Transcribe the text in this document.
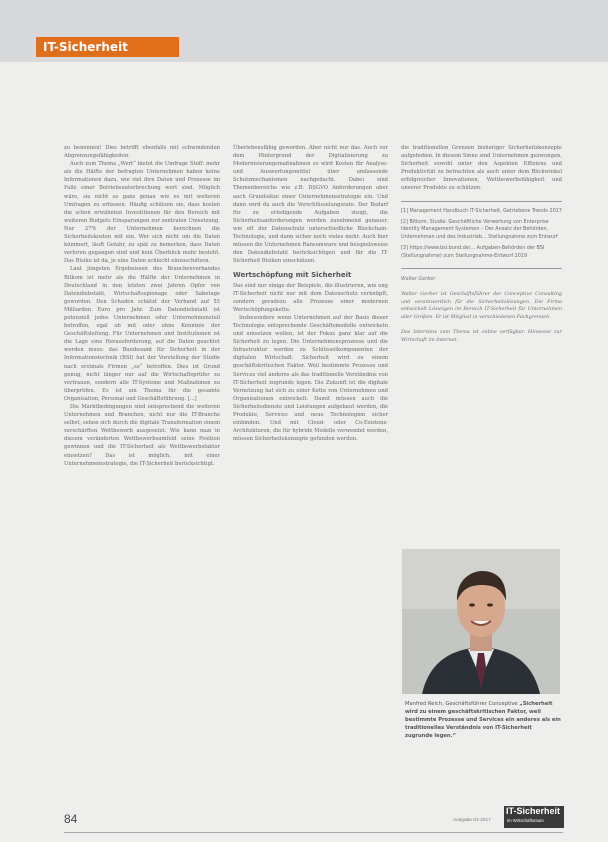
IT-Sicherheit

zu benennen! Dies betrifft ebenfalls mit schwindenden Abgrenzungsfähigkeiten.

Auch zum Thema „Wert“ bietet die Umfrage Stoff: mehr als die Hälfte der befragten Unternehmen haben keine Informationen dazu, wie viel ihre Daten und Prozesse im Falle einer Betriebsunterbrechung wert sind. Möglich wäre, sie nicht so ganz genau wie es mit weiteren Umfragen zu erfassen. Häufig schätzen sie, dass kosten die schon erwähnten Investitionen für den Bereich mit weiteren Budgets Einsparungen zur zentralen Umsetzung. Nur 27% der Unternehmen berechnen die Sicherheitskosten mit ein. Wer sich nicht um die Daten kümmert, läuft Gefahr, zu spät zu bemerken, dass Daten verloren gegangen sind und kein Überblick mehr besteht. Das Risiko ist da, je eine Daten schlecht einzuschätzen.

Laut jüngsten Ergebnissen des Branchenverbandes Bitkom ist mehr als die Hälfte der Unternehmen in Deutschland in den letzten zwei Jahren Opfer von Datendiebstahl, Wirtschaftsspionage oder Sabotage geworden. Den Schaden schätzt der Verband auf 55 Milliarden Euro pro Jahr. Zum Datendiebstahl ist potenziell jedes Unternehmen oder Unternehmensteil betroffen, egal ob mit oder ohne Kenntnis der Geschäftsleitung. Für Unternehmen und Institutionen ist die Lage eine Herausforderung, auf die Daten geachtet werden muss: das Bundesamt für Sicherheit in der Informationstechnik (BSI) hat der Vorstellung der Studie nach erstmals Firmen „so“ betroffen. Dies ist Grund genug, nicht länger nur auf die Wirtschaftsprüfer zu vertrauen, sondern alle IT-Systeme und Maßnahmen zu überprüfen. Es ist ein Thema für die gesamte Organisation, Personal und Geschäftsführung. [...]

Die Marktbedingungen sind entsprechend die weiteren Unternehmen und Branchen, nicht nur die IT-Branche selbst, sehen sich durch die digitale Transformation einem verschärften Wettbewerb ausgesetzt. Wie kann man in diesem veränderten Wettbewerbsumfeld seine Position gewinnen und die IT-Sicherheit als Wettbewerbsfaktor einsetzen? Das ist möglich, mit einer Unternehmensstrategie, die IT-Sicherheit berücksichtigt.

Überlebensfähig geworden. Aber nicht nur das. Auch vor dem Hintergrund der Digitalisierung zu Modernisierungsmaßnahmen so wird Kosten für Analyse- und Auswertungsmittel über umfassende Schutzmechanismen nachgedacht. Dabei sind Themenbereiche wie z.B. DSGVO Anforderungen aber auch Grundsätze einer Unternehmensstrategie ein. Und dann wird da auch die Verschlüsselungsrate. Der Bedarf für zu erledigende Aufgaben steigt, die Sicherheitsanforderungen werden zunehmend genauer, wie oft der Datenschutz unterschiedliche Blockchain-Technologie, und dann sicher noch vieles mehr. Auch hier müssen die Unternehmen Ransomware und beispielsweise den Datendiebstahl berücksichtigen und für die IT-Sicherheit Risiken einschätzen.

Wertschöpfung mit Sicherheit

Das sind nur einige der Beispiele, die illustrieren, wie eng IT-Sicherheit nicht nur mit dem Datenschutz verknüpft, sondern geradezu alle Prozesse einer modernen Wertschöpfungskette.

Insbesondere wenn Unternehmen auf der Basis dieser Technologie entsprechende Geschäftsmodelle entwickeln und umsetzen wollen, ist der Fokus ganz klar auf die Sicherheit zu legen. Die Unternehmensprozesse und die Infrastruktur werden zu Schlüsselkomponenten der digitalen Wirtschaft. Sicherheit wird zu einem geschäftskritischen Faktor. Weil bestimmte Prozesse und Services viel anderes als das traditionelle Verständnis von IT-Sicherheit zugrunde legen. Die Zukunft ist die digitale Vernetzung hat sich zu einer Kette von Unternehmen und Organisationen entwickelt. Damit müssen auch die Sicherheitsdienste und Leistungen aufgebaut werden, die Produkte, Services und neue Technologien sicher einbinden. Und mit Cloud- oder Co-Existenz-Architekturen, die für hybride Modelle verwendet werden, müssen Sicherheitskonzepte gefunden werden.

die traditionellen Grenzen bisheriger Sicherheitskonzepte aufgehoben. In diesem Sinne sind Unternehmen gezwungen, Sicherheit sowohl unter den Aspekten Effizienz und Produktivität zu betrachten als auch unter dem Blickwinkel erfolgreicher Innovationen, Wettbewerbsfähigkeit und unserer Produkte zu schützen.

[1] Management Handbuch IT-Sicherheit, Getriebene Trends 2017

[2] Bitkom, Studie: Geschäftliche Verwertung von Enterprise Identity Management Systemen – Der Ansatz der Behörden, Unternehmen und des Industrieb... Stellungnahme zum Entwurf

[3] https://www.bsi.bund.de/... Aufgaben-Behörden der BSI (Stellungnahme) zum Stellungnahme-Entwurf 2019

Walter Gerber
Walter Gerber ist Geschäftsführer der Conceptive Consulting und verantwortlich für die Sicherheitslösungen. Die Firma entwickelt Lösungen im Bereich IT-Sicherheit für Unternehmen aller Größen. Er ist Mitglied in verschiedenen Fachgremien.
Das Interview zum Thema ist online verfügbar. Hinweise zur Wirtschaft im Internet.
Manfred Reich, Geschäftsführer Conceptive „Sicherheit wird zu einem geschäftskritischen Faktor, weil bestimmte Prozesse und Services ein anderes als ein traditionelles Verständnis von IT-Sicherheit zugrunde legen.“
84	Ausgabe 01-2017
IT-Sicherheit
im Wirtschaftsraum
